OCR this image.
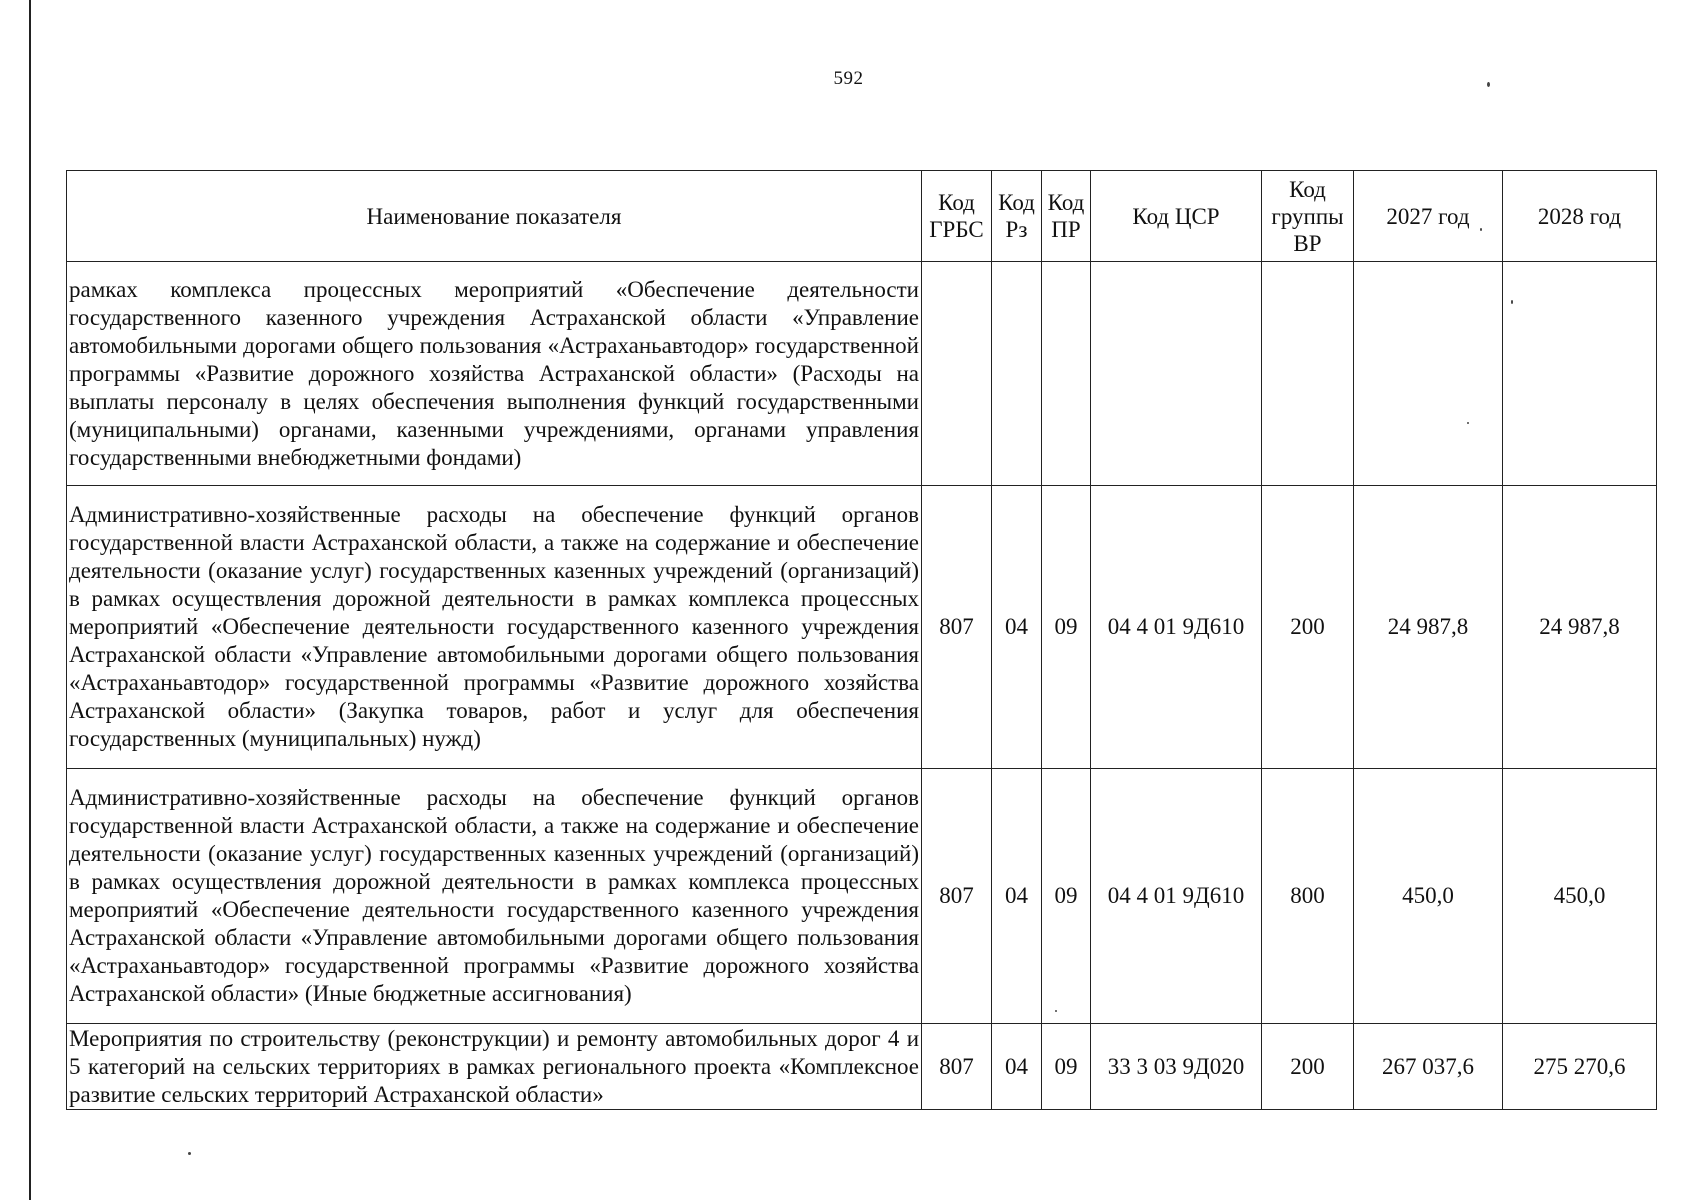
592
Наименование показателя	Код ГРБС	Код Рз	Код ПР	Код ЦСР	Код группы ВР	2027 год	2028 год
рамках комплекса процессных мероприятий «Обеспечение деятельности государственного казенного учреждения Астраханской области «Управление автомобильными дорогами общего пользования «Астраханьавтодор» государственной программы «Развитие дорожного хозяйства Астраханской области» (Расходы на выплаты персоналу в целях обеспечения выполнения функций государственными (муниципальными) органами, казенными учреждениями, органами управления государственными внебюджетными фондами)							
Административно-хозяйственные расходы на обеспечение функций органов государственной власти Астраханской области, а также на содержание и обеспечение деятельности (оказание услуг) государственных казенных учреждений (организаций) в рамках осуществления дорожной деятельности в рамках комплекса процессных мероприятий «Обеспечение деятельности государственного казенного учреждения Астраханской области «Управление автомобильными дорогами общего пользования «Астраханьавтодор» государственной программы «Развитие дорожного хозяйства Астраханской области» (Закупка товаров, работ и услуг для обеспечения государственных (муниципальных) нужд)	807	04	09	04 4 01 9Д610	200	24 987,8	24 987,8
Административно-хозяйственные расходы на обеспечение функций органов государственной власти Астраханской области, а также на содержание и обеспечение деятельности (оказание услуг) государственных казенных учреждений (организаций) в рамках осуществления дорожной деятельности в рамках комплекса процессных мероприятий «Обеспечение деятельности государственного казенного учреждения Астраханской области «Управление автомобильными дорогами общего пользования «Астраханьавтодор» государственной программы «Развитие дорожного хозяйства Астраханской области» (Иные бюджетные ассигнования)	807	04	09	04 4 01 9Д610	800	450,0	450,0
Мероприятия по строительству (реконструкции) и ремонту автомобильных дорог 4 и 5 категорий на сельских территориях в рамках регионального проекта «Комплексное развитие сельских территорий Астраханской области»	807	04	09	33 3 03 9Д020	200	267 037,6	275 270,6
